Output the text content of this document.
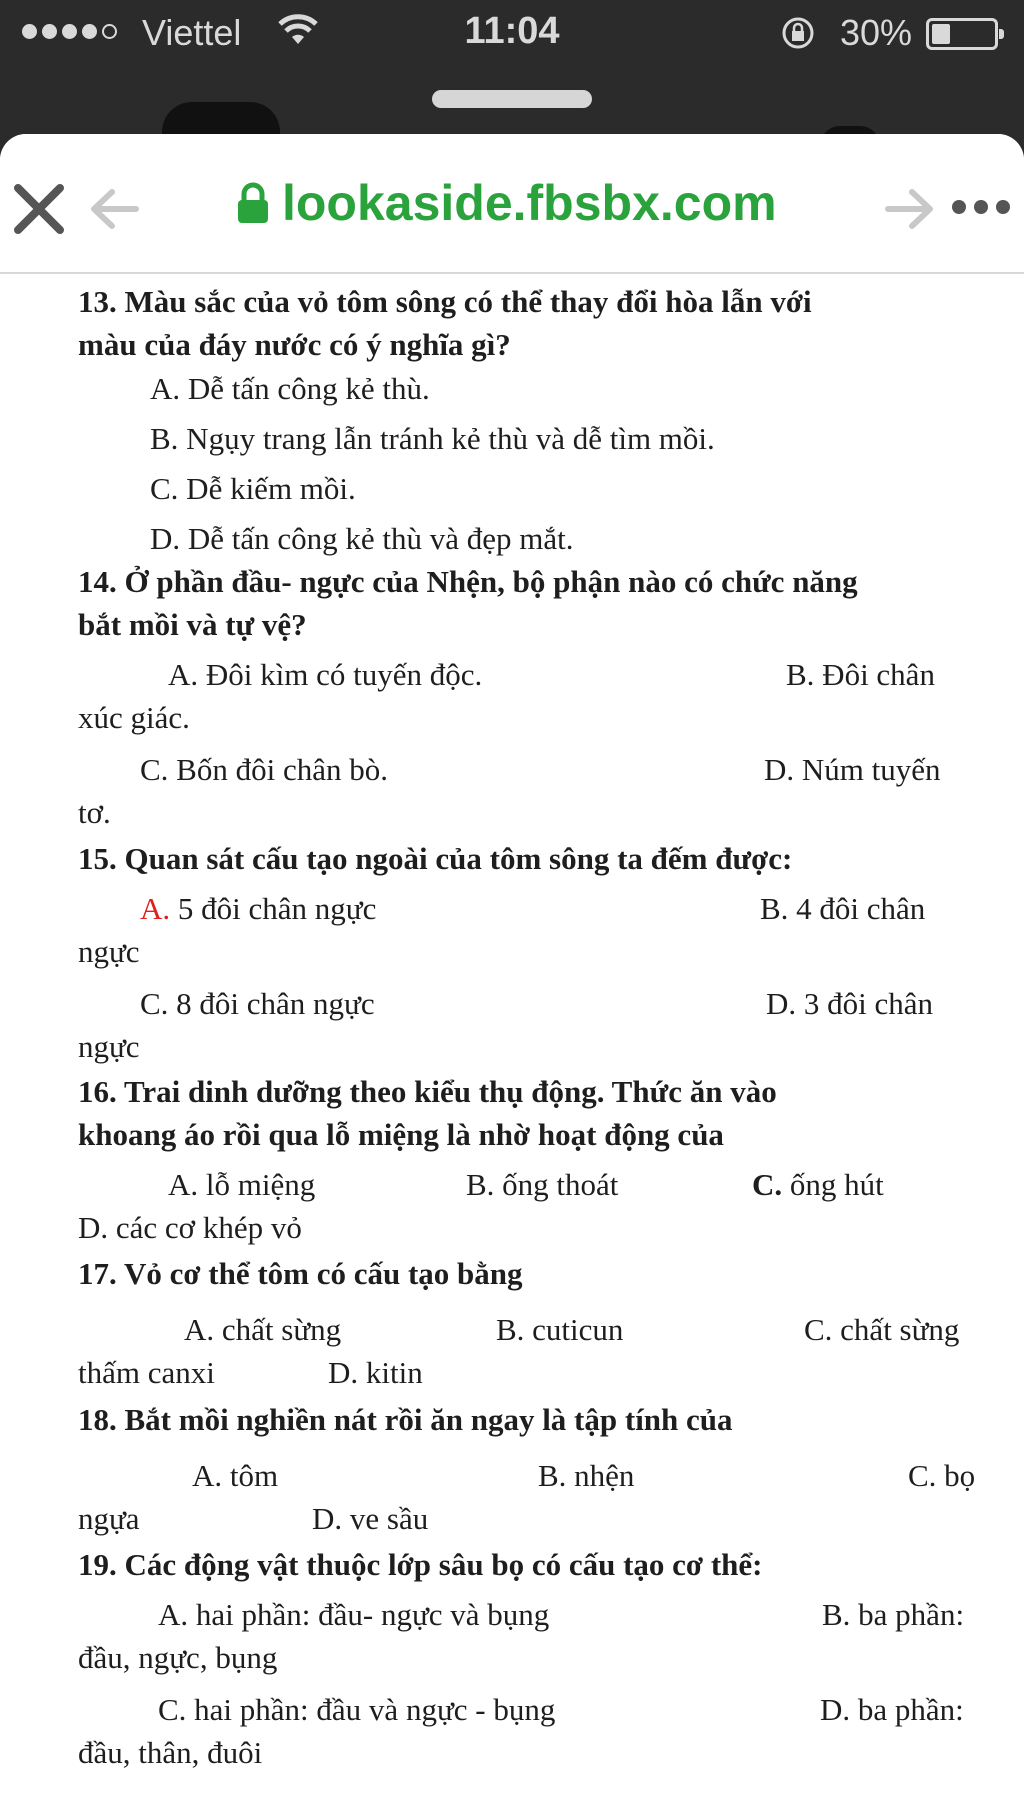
Viettel	11:04	30%
lookaside.fbsbx.com
13. Màu sắc của vỏ tôm sông có thể thay đổi hòa lẫn với
màu của đáy nước có ý nghĩa gì?
A. Dễ tấn công kẻ thù.
B. Ngụy trang lẫn tránh kẻ thù và dễ tìm mồi.
C. Dễ kiếm mồi.
D. Dễ tấn công kẻ thù và đẹp mắt.
14. Ở phần đầu- ngực của Nhện, bộ phận nào có chức năng
bắt mồi và tự vệ?
A. Đôi kìm có tuyến độc.	B. Đôi chân
xúc giác.
C. Bốn đôi chân bò.	D. Núm tuyến
tơ.
15. Quan sát cấu tạo ngoài của tôm sông ta đếm được:
A. 5 đôi chân ngực	B. 4 đôi chân
ngực
C. 8 đôi chân ngực	D. 3 đôi chân
ngực
16. Trai dinh dưỡng theo kiểu thụ động. Thức ăn vào
khoang áo rồi qua lỗ miệng là nhờ hoạt động của
A. lỗ miệng	B. ống thoát	C. ống hút
D. các cơ khép vỏ
17. Vỏ cơ thể tôm có cấu tạo bằng
A. chất sừng	B. cuticun	C. chất sừng
thấm canxi	D. kitin
18. Bắt mồi nghiền nát rồi ăn ngay là tập tính của
A. tôm	B. nhện	C. bọ
ngựa	D. ve sầu
19. Các động vật thuộc lớp sâu bọ có cấu tạo cơ thể:
A. hai phần: đầu- ngực và bụng	B. ba phần:
đầu, ngực, bụng
C. hai phần: đầu và ngực - bụng	D. ba phần:
đầu, thân, đuôi
